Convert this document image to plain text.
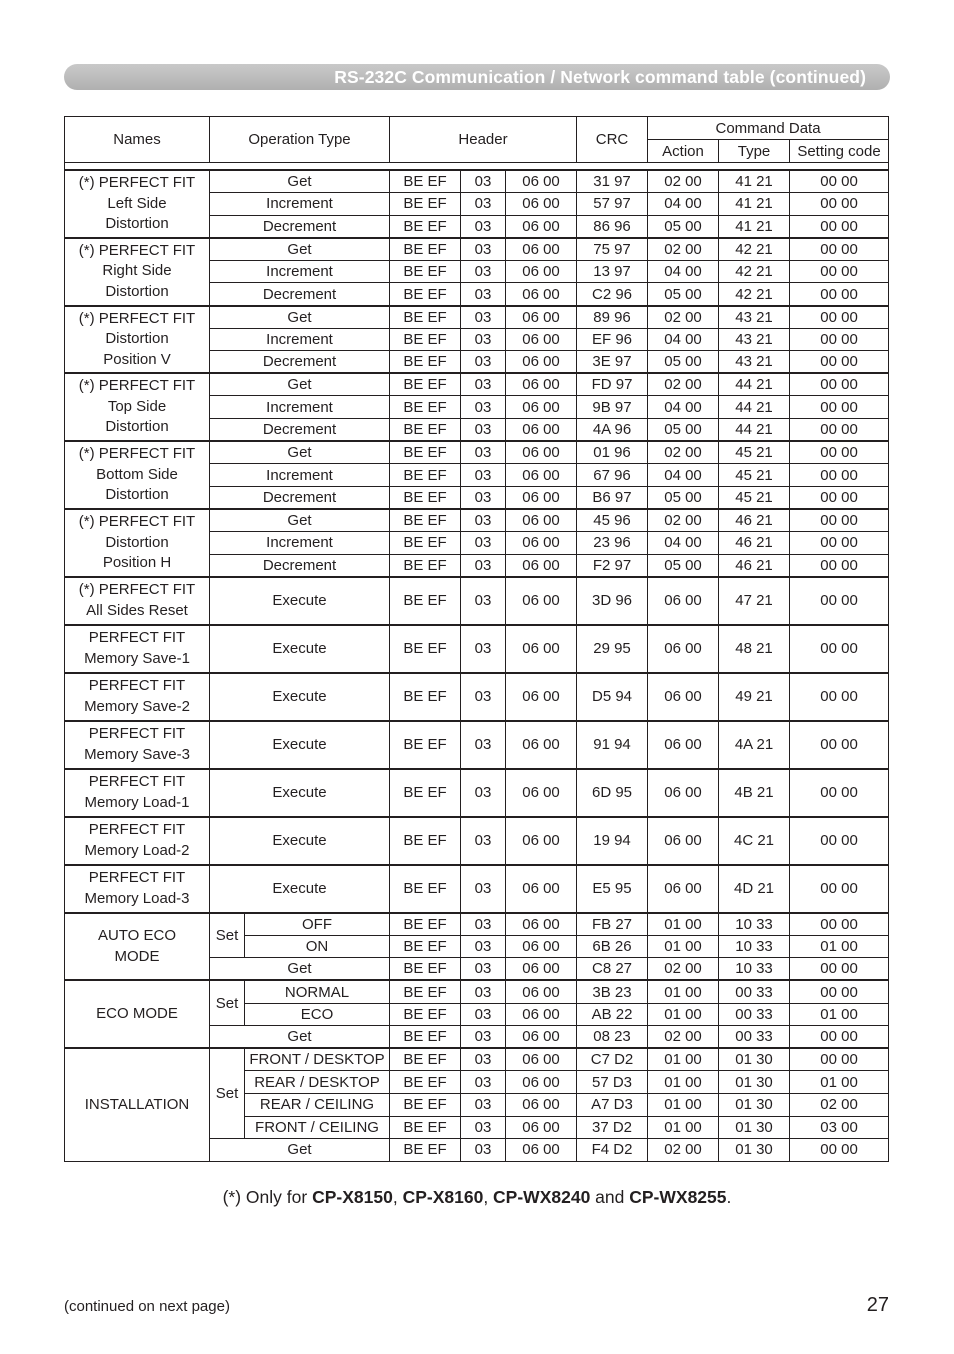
RS-232C Communication / Network command table (continued)
Names	Operation Type		Header			CRC	Command Data		
							Action	Type	Setting code

(*) PERFECT FIT
Left Side
Distortion	Get		BE EF	03	06 00	31 97	02 00	41 21	00 00
	Increment		BE EF	03	06 00	57 97	04 00	41 21	00 00
	Decrement		BE EF	03	06 00	86 96	05 00	41 21	00 00

(*) PERFECT FIT
Right Side
Distortion	Get		BE EF	03	06 00	75 97	02 00	42 21	00 00
	Increment		BE EF	03	06 00	13 97	04 00	42 21	00 00
	Decrement		BE EF	03	06 00	C2 96	05 00	42 21	00 00

(*) PERFECT FIT
Distortion
Position V	Get		BE EF	03	06 00	89 96	02 00	43 21	00 00
	Increment		BE EF	03	06 00	EF 96	04 00	43 21	00 00
	Decrement		BE EF	03	06 00	3E 97	05 00	43 21	00 00

(*) PERFECT FIT
Top Side
Distortion	Get		BE EF	03	06 00	FD 97	02 00	44 21	00 00
	Increment		BE EF	03	06 00	9B 97	04 00	44 21	00 00
	Decrement		BE EF	03	06 00	4A 96	05 00	44 21	00 00

(*) PERFECT FIT
Bottom Side
Distortion	Get		BE EF	03	06 00	01 96	02 00	45 21	00 00
	Increment		BE EF	03	06 00	67 96	04 00	45 21	00 00
	Decrement		BE EF	03	06 00	B6 97	05 00	45 21	00 00

(*) PERFECT FIT
Distortion
Position H	Get		BE EF	03	06 00	45 96	02 00	46 21	00 00
	Increment		BE EF	03	06 00	23 96	04 00	46 21	00 00
	Decrement		BE EF	03	06 00	F2 97	05 00	46 21	00 00

(*) PERFECT FIT
All Sides Reset	Execute		BE EF	03	06 00	3D 96	06 00	47 21	00 00

PERFECT FIT
Memory Save-1	Execute		BE EF	03	06 00	29 95	06 00	48 21	00 00

PERFECT FIT
Memory Save-2	Execute		BE EF	03	06 00	D5 94	06 00	49 21	00 00

PERFECT FIT
Memory Save-3	Execute		BE EF	03	06 00	91 94	06 00	4A 21	00 00

PERFECT FIT
Memory Load-1	Execute		BE EF	03	06 00	6D 95	06 00	4B 21	00 00

PERFECT FIT
Memory Load-2	Execute		BE EF	03	06 00	19 94	06 00	4C 21	00 00

PERFECT FIT
Memory Load-3	Execute		BE EF	03	06 00	E5 95	06 00	4D 21	00 00

AUTO ECO
MODE	Set	OFF	BE EF	03	06 00	FB 27	01 00	10 33	00 00
		ON	BE EF	03	06 00	6B 26	01 00	10 33	01 00
	Get		BE EF	03	06 00	C8 27	02 00	10 33	00 00

ECO MODE	Set	NORMAL	BE EF	03	06 00	3B 23	01 00	00 33	00 00
		ECO	BE EF	03	06 00	AB 22	01 00	00 33	01 00
	Get		BE EF	03	06 00	08 23	02 00	00 33	00 00

INSTALLATION	Set	FRONT / DESKTOP	BE EF	03	06 00	C7 D2	01 00	01 30	00 00
		REAR / DESKTOP	BE EF	03	06 00	57 D3	01 00	01 30	01 00
		REAR / CEILING	BE EF	03	06 00	A7 D3	01 00	01 30	02 00
		FRONT / CEILING	BE EF	03	06 00	37 D2	01 00	01 30	03 00
	Get		BE EF	03	06 00	F4 D2	02 00	01 30	00 00
(*) Only for CP-X8150, CP-X8160, CP-WX8240 and CP-WX8255.
(continued on next page)	27
